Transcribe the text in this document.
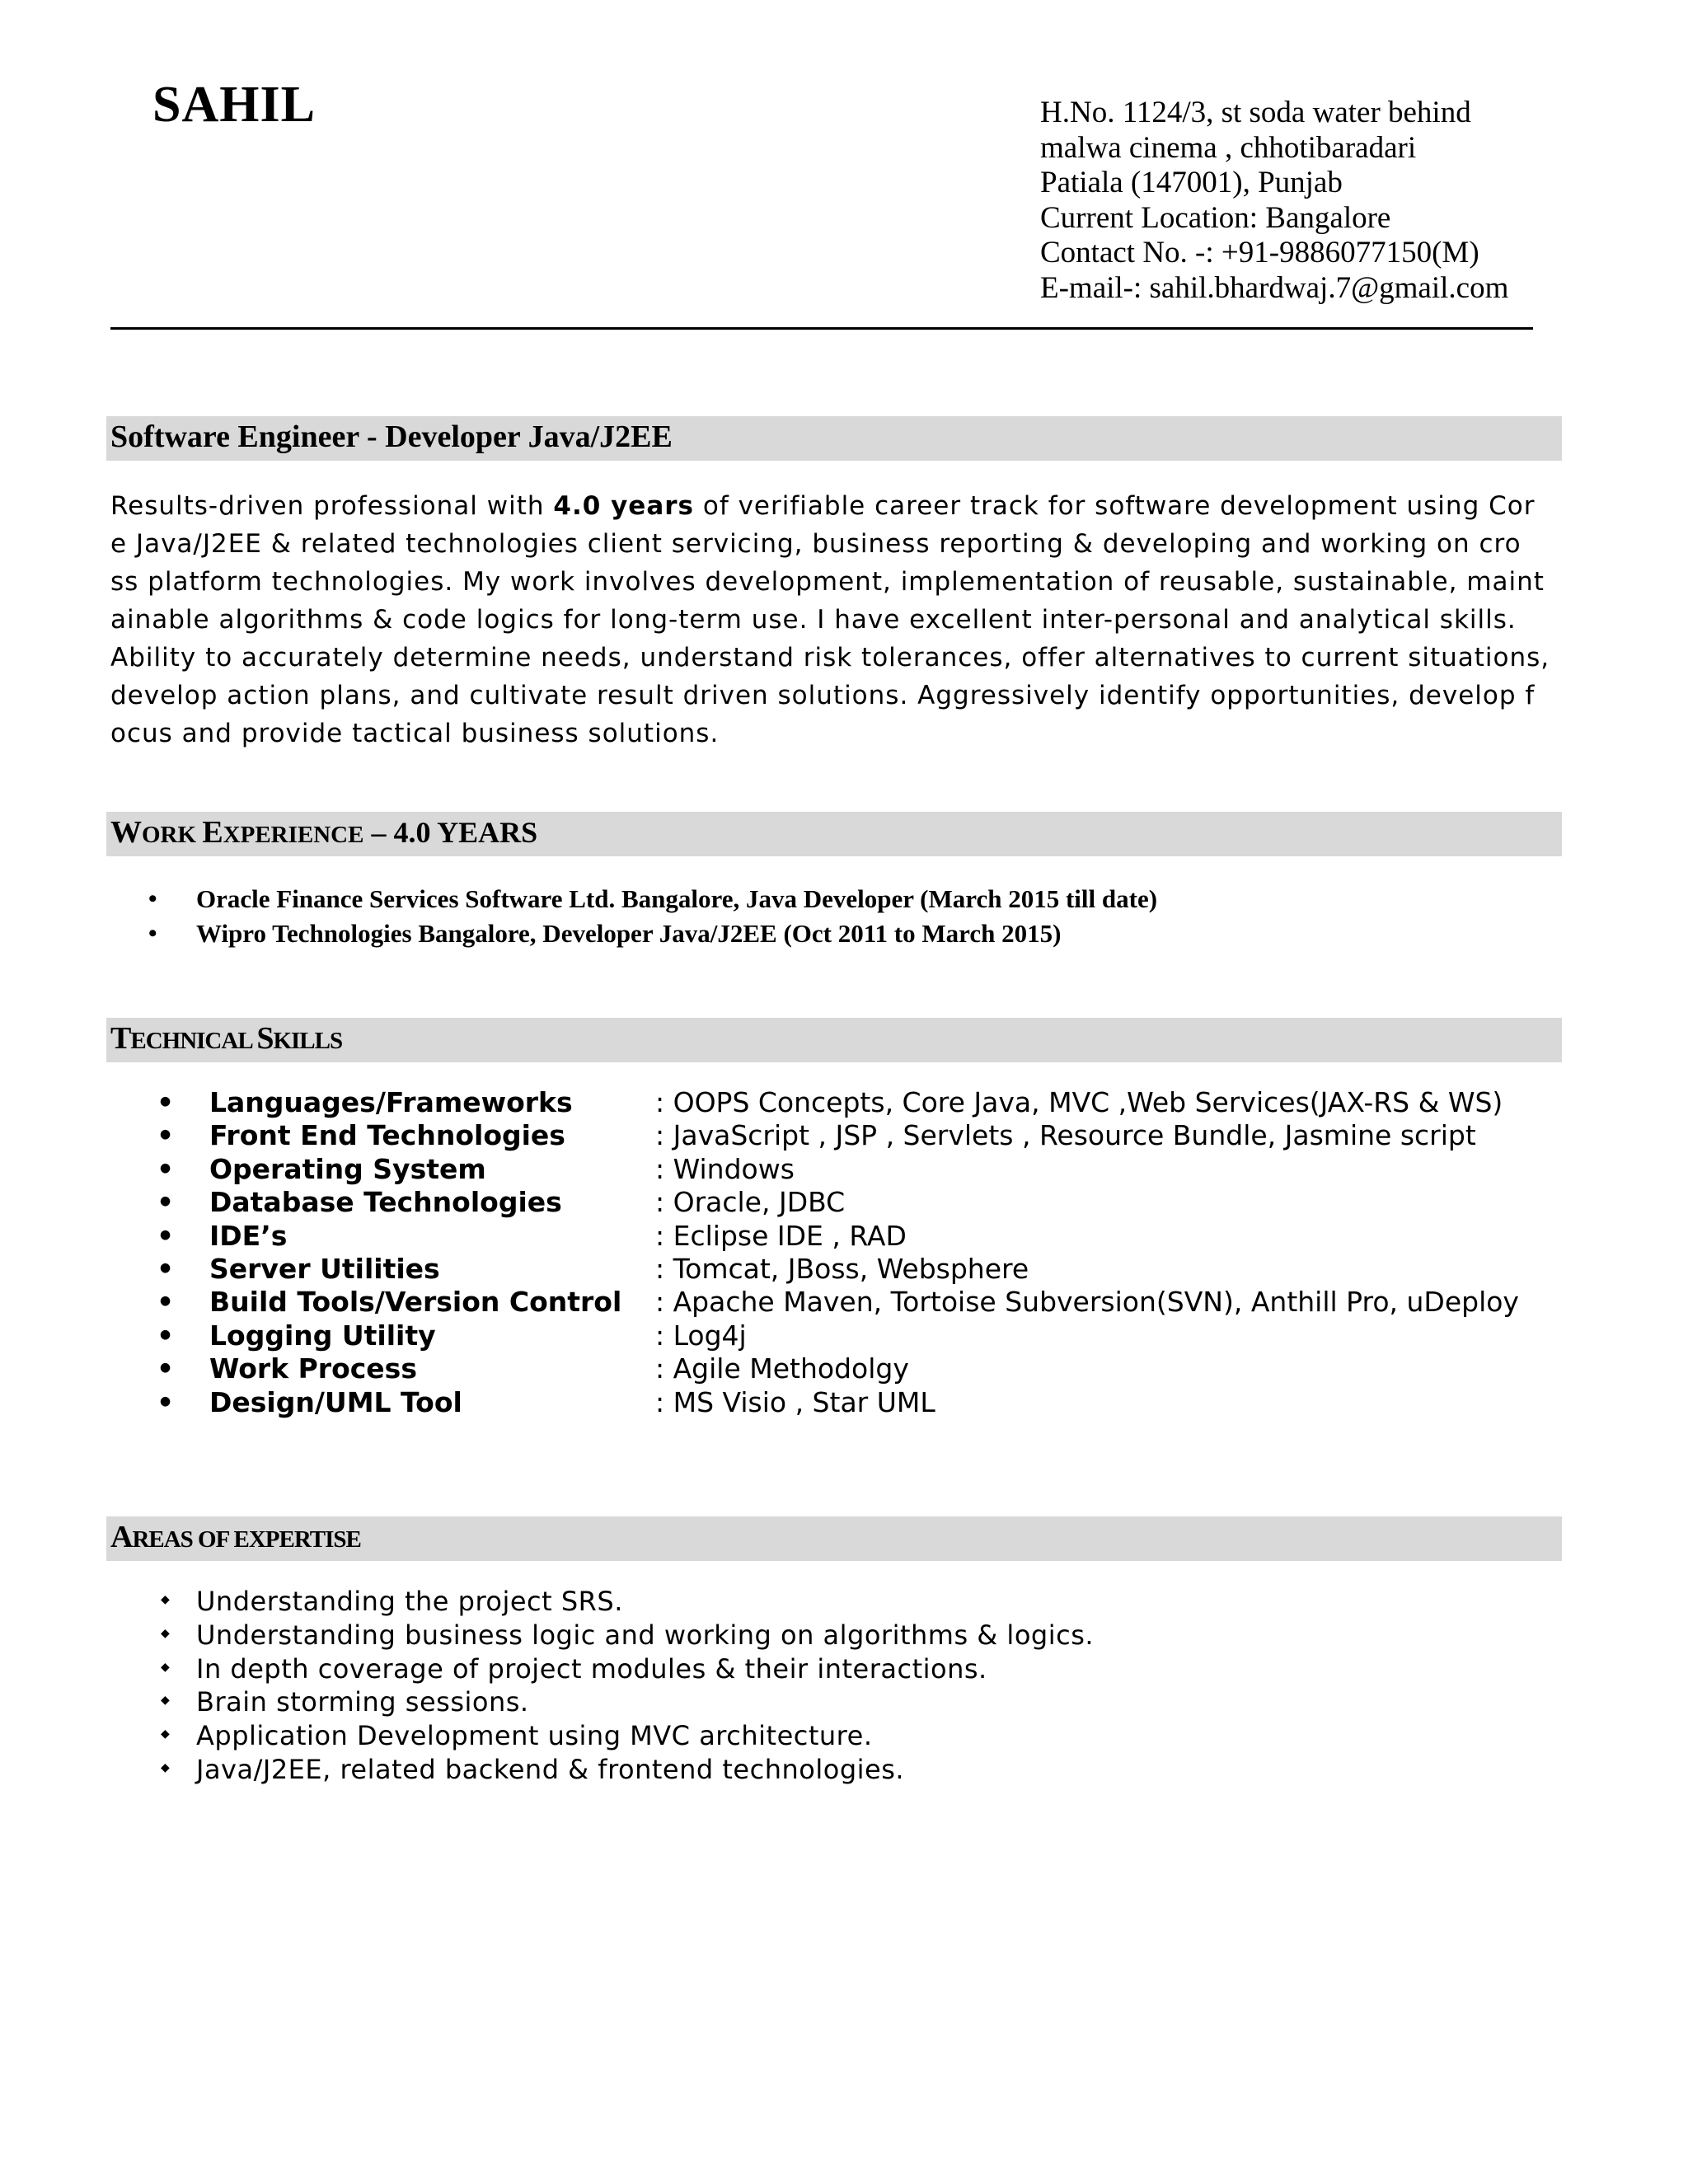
SAHIL	H.No. 1124/3, st soda water behind
malwa cinema , chhotibaradari
Patiala (147001), Punjab
Current Location: Bangalore
Contact No. -: +91-9886077150(M)
E-mail-: sahil.bhardwaj.7@gmail.com
Software Engineer - Developer Java/J2EE
Results-driven professional with 4.0 years of verifiable career track for software development using Cor
e Java/J2EE & related technologies client servicing, business reporting & developing and working on cro
ss platform technologies. My work involves development, implementation of reusable, sustainable, maint
ainable algorithms & code logics for long-term use. I have excellent inter-personal and analytical skills.
Ability to accurately determine needs, understand risk tolerances, offer alternatives to current situations,
develop action plans, and cultivate result driven solutions. Aggressively identify opportunities, develop f
ocus and provide tactical business solutions.
WORK EXPERIENCE – 4.0 YEARS
• Oracle Finance Services Software Ltd. Bangalore, Java Developer (March 2015 till date)
• Wipro Technologies Bangalore, Developer Java/J2EE (Oct 2011 to March 2015)
TECHNICAL SKILLS
• Languages/Frameworks	: OOPS Concepts, Core Java, MVC ,Web Services(JAX-RS & WS)
• Front End Technologies	: JavaScript , JSP , Servlets , Resource Bundle, Jasmine script
• Operating System	: Windows
• Database Technologies	: Oracle, JDBC
• IDE’s	: Eclipse IDE , RAD
• Server Utilities	: Tomcat, JBoss, Websphere
• Build Tools/Version Control : Apache Maven, Tortoise Subversion(SVN), Anthill Pro, uDeploy
• Logging Utility	: Log4j
• Work Process	: Agile Methodolgy
• Design/UML Tool	: MS Visio , Star UML
AREAS OF EXPERTISE
◆ Understanding the project SRS.
◆ Understanding business logic and working on algorithms & logics.
◆ In depth coverage of project modules & their interactions.
◆ Brain storming sessions.
◆ Application Development using MVC architecture.
◆ Java/J2EE, related backend & frontend technologies.
